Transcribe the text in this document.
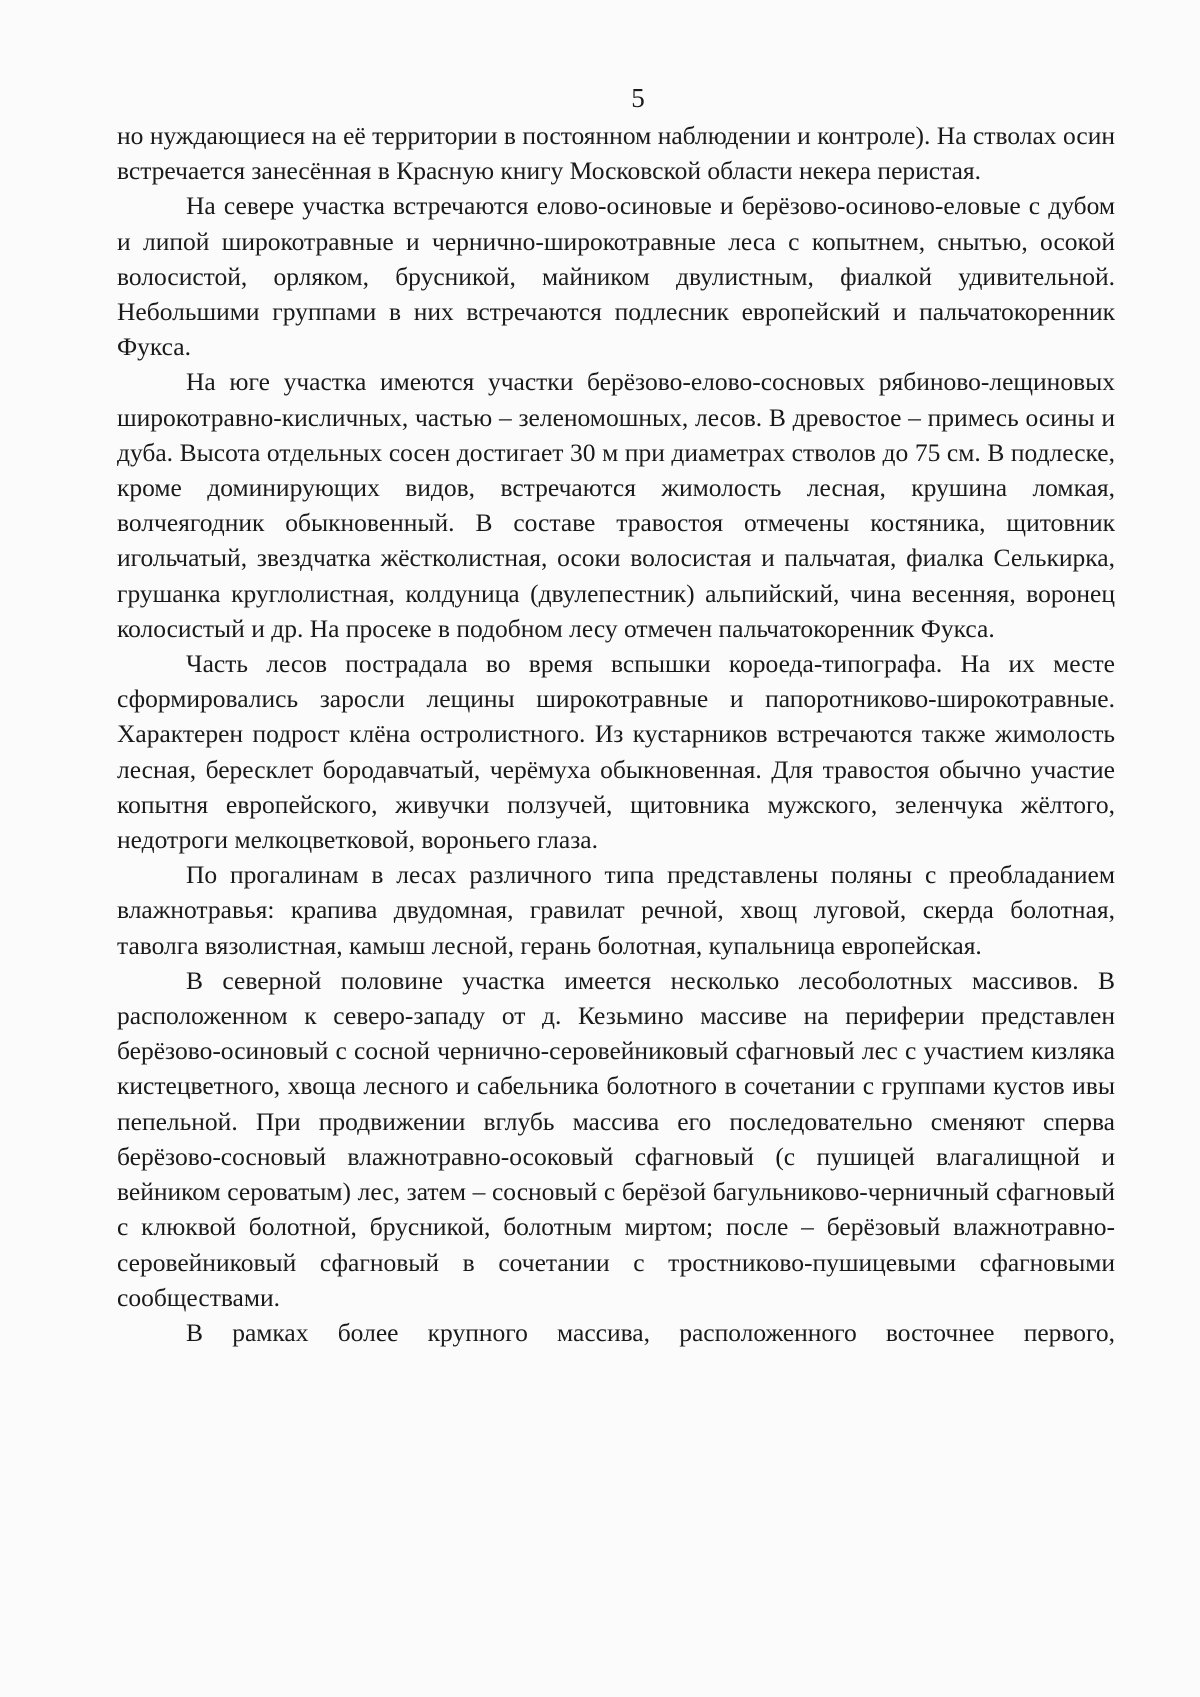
5

но нуждающиеся на её территории в постоянном наблюдении и контроле). На стволах осин встречается занесённая в Красную книгу Московской области некера перистая.

На севере участка встречаются елово-осиновые и берёзово-осиново-еловые с дубом и липой широкотравные и чернично-широкотравные леса с копытнем, снытью, осокой волосистой, орляком, брусникой, майником двулистным, фиалкой удивительной. Небольшими группами в них встречаются подлесник европейский и пальчатокоренник Фукса.

На юге участка имеются участки берёзово-елово-сосновых рябиново-лещиновых широкотравно-кисличных, частью – зеленомошных, лесов. В древостое – примесь осины и дуба. Высота отдельных сосен достигает 30 м при диаметрах стволов до 75 см. В подлеске, кроме доминирующих видов, встречаются жимолость лесная, крушина ломкая, волчеягодник обыкновенный. В составе травостоя отмечены костяника, щитовник игольчатый, звездчатка жёстколистная, осоки волосистая и пальчатая, фиалка Селькирка, грушанка круглолистная, колдуница (двулепестник) альпийский, чина весенняя, воронец колосистый и др. На просеке в подобном лесу отмечен пальчатокоренник Фукса.

Часть лесов пострадала во время вспышки короеда-типографа. На их месте сформировались заросли лещины широкотравные и папоротниково-широкотравные. Характерен подрост клёна остролистного. Из кустарников встречаются также жимолость лесная, бересклет бородавчатый, черёмуха обыкновенная. Для травостоя обычно участие копытня европейского, живучки ползучей, щитовника мужского, зеленчука жёлтого, недотроги мелкоцветковой, вороньего глаза.

По прогалинам в лесах различного типа представлены поляны с преобладанием влажнотравья: крапива двудомная, гравилат речной, хвощ луговой, скерда болотная, таволга вязолистная, камыш лесной, герань болотная, купальница европейская.

В северной половине участка имеется несколько лесоболотных массивов. В расположенном к северо-западу от д. Кезьмино массиве на периферии представлен берёзово-осиновый с сосной чернично-серовейниковый сфагновый лес с участием кизляка кистецветного, хвоща лесного и сабельника болотного в сочетании с группами кустов ивы пепельной. При продвижении вглубь массива его последовательно сменяют сперва берёзово-сосновый влажнотравно-осоковый сфагновый (с пушицей влагалищной и вейником сероватым) лес, затем – сосновый с берёзой багульниково-черничный сфагновый с клюквой болотной, брусникой, болотным миртом; после – берёзовый влажнотравно-серовейниковый сфагновый в сочетании с тростниково-пушицевыми сфагновыми сообществами.

В рамках более крупного массива, расположенного восточнее первого,
